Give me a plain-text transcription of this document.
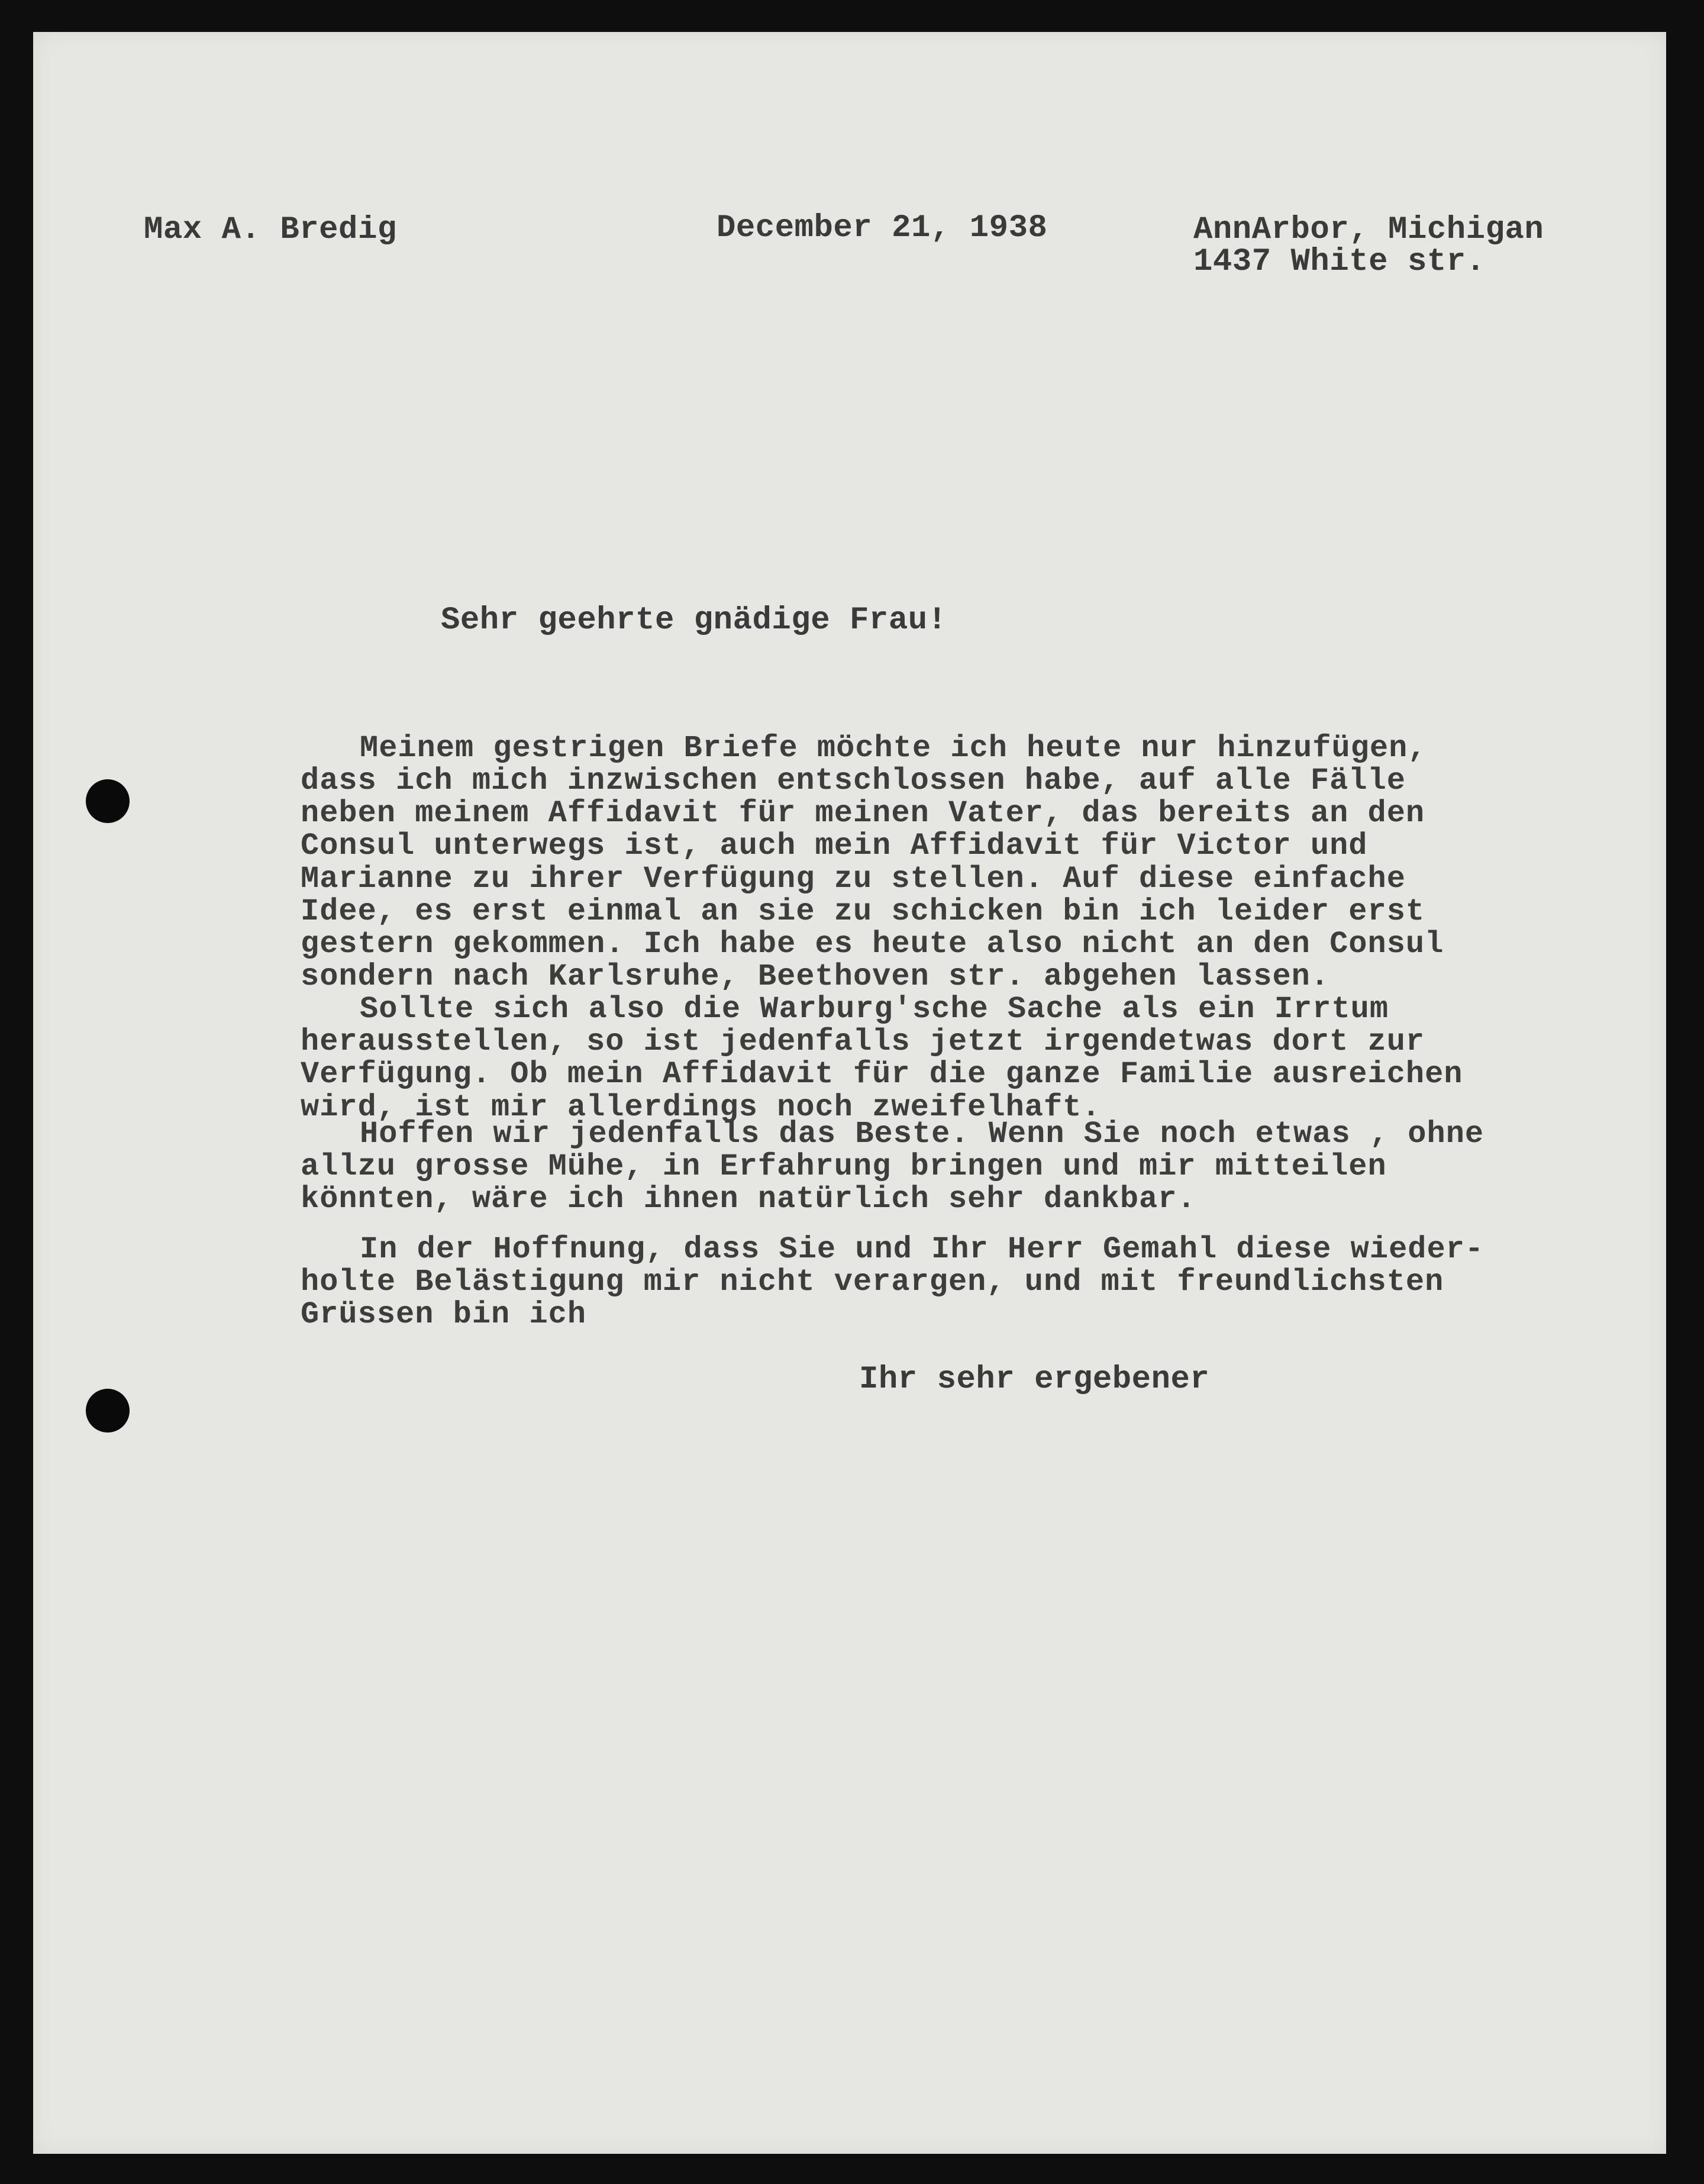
Max A. Bredig	December 21, 1938	AnnArbor, Michigan

1437 White str.

Sehr geehrte gnädige Frau!

Meinem gestrigen Briefe möchte ich heute nur hinzufügen,

dass ich mich inzwischen entschlossen habe, auf alle Fälle

neben meinem Affidavit für meinen Vater, das bereits an den

Consul unterwegs ist, auch mein Affidavit für Victor und

Marianne zu ihrer Verfügung zu stellen. Auf diese einfache

Idee, es erst einmal an sie zu schicken bin ich leider erst

gestern gekommen. Ich habe es heute also nicht an den Consul

sondern nach Karlsruhe, Beethoven str. abgehen lassen.

Sollte sich also die Warburg'sche Sache als ein Irrtum

herausstellen, so ist jedenfalls jetzt irgendetwas dort zur

Verfügung. Ob mein Affidavit für die ganze Familie ausreichen

wird, ist mir allerdings noch zweifelhaft.

Hoffen wir jedenfalls das Beste. Wenn Sie noch etwas , ohne

allzu grosse Mühe, in Erfahrung bringen und mir mitteilen

könnten, wäre ich ihnen natürlich sehr dankbar.

In der Hoffnung, dass Sie und Ihr Herr Gemahl diese wieder-

holte Belästigung mir nicht verargen, und mit freundlichsten

Grüssen bin ich

Ihr sehr ergebener
